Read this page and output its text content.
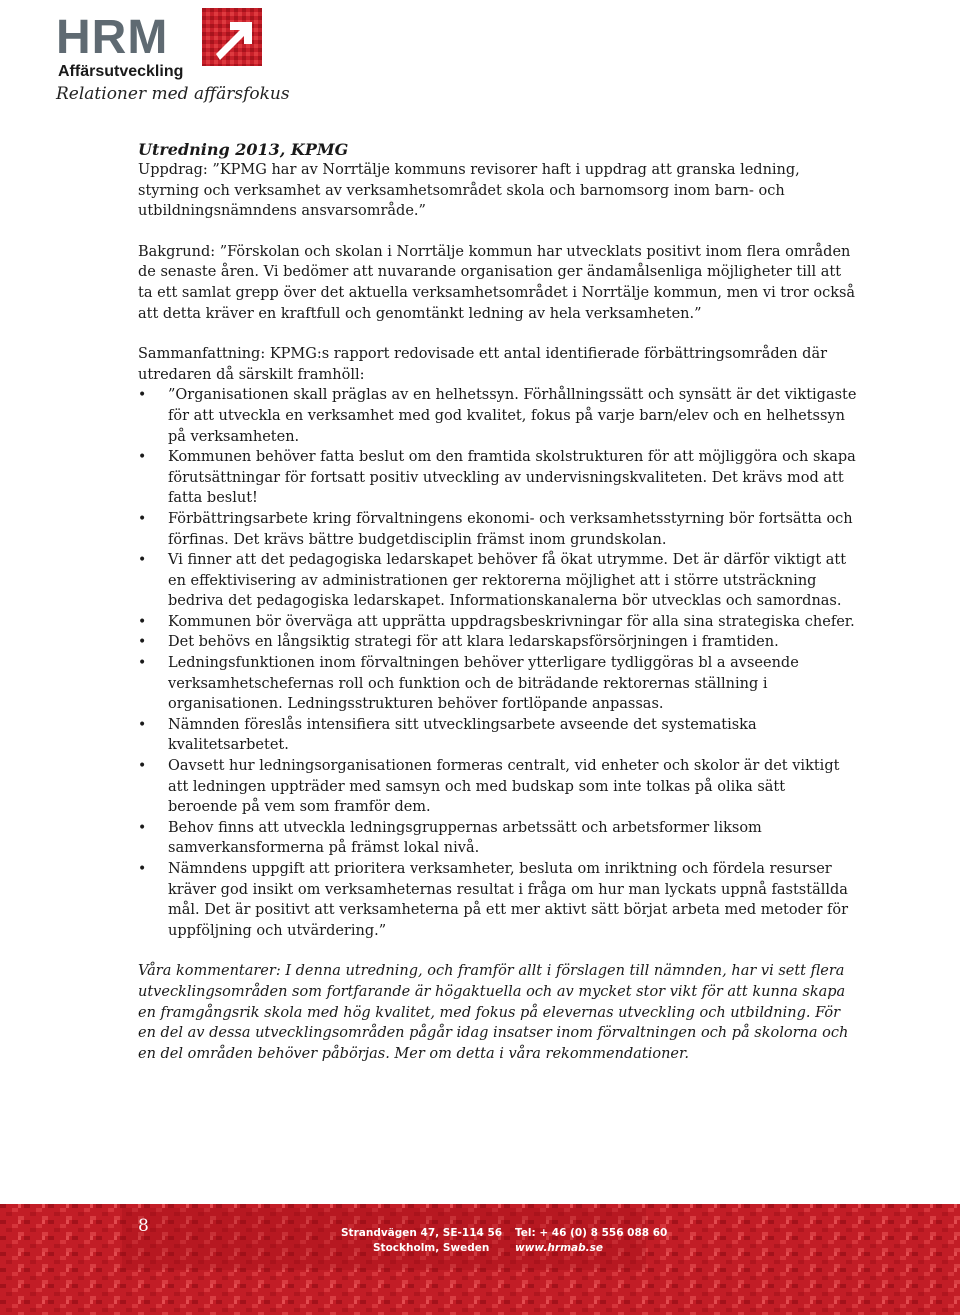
HRM
Affärsutveckling
Relationer med affärsfokus

Utredning 2013, KPMG

Uppdrag: ”KPMG har av Norrtälje kommuns revisorer haft i uppdrag att granska ledning, styrning och verksamhet av verksamhetsområdet skola och barnomsorg inom barn- och utbildningsnämndens ansvarsområde.”

Bakgrund: ”Förskolan och skolan i Norrtälje kommun har utvecklats positivt inom flera områden de senaste åren. Vi bedömer att nuvarande organisation ger ändamålsenliga möjligheter till att ta ett samlat grepp över det aktuella verksamhetsområdet i Norrtälje kommun, men vi tror också att detta kräver en kraftfull och genomtänkt ledning av hela verksamheten.”

Sammanfattning: KPMG:s rapport redovisade ett antal identifierade förbättringsområden där utredaren då särskilt framhöll:

• ”Organisationen skall präglas av en helhetssyn. Förhållningssätt och synsätt är det viktigaste för att utveckla en verksamhet med god kvalitet, fokus på varje barn/elev och en helhetssyn på verksamheten.
• Kommunen behöver fatta beslut om den framtida skolstrukturen för att möjliggöra och skapa förutsättningar för fortsatt positiv utveckling av undervisningskvaliteten. Det krävs mod att fatta beslut!
• Förbättringsarbete kring förvaltningens ekonomi- och verksamhetsstyrning bör fortsätta och förfinas. Det krävs bättre budgetdisciplin främst inom grundskolan.
• Vi finner att det pedagogiska ledarskapet behöver få ökat utrymme. Det är därför viktigt att en effektivisering av administrationen ger rektorerna möjlighet att i större utsträckning bedriva det pedagogiska ledarskapet. Informationskanalerna bör utvecklas och samordnas.
• Kommunen bör överväga att upprätta uppdragsbeskrivningar för alla sina strategiska chefer.
• Det behövs en långsiktig strategi för att klara ledarskapsförsörjningen i framtiden.
• Ledningsfunktionen inom förvaltningen behöver ytterligare tydliggöras bl a avseende verksamhetschefernas roll och funktion och de biträdande rektorernas ställning i organisationen. Ledningsstrukturen behöver fortlöpande anpassas.
• Nämnden föreslås intensifiera sitt utvecklingsarbete avseende det systematiska kvalitetsarbetet.
• Oavsett hur ledningsorganisationen formeras centralt, vid enheter och skolor är det viktigt att ledningen uppträder med samsyn och med budskap som inte tolkas på olika sätt beroende på vem som framför dem.
• Behov finns att utveckla ledningsgruppernas arbetssätt och arbetsformer liksom samverkansformerna på främst lokal nivå.
• Nämndens uppgift att prioritera verksamheter, besluta om inriktning och fördela resurser kräver god insikt om verksamheternas resultat i fråga om hur man lyckats uppnå fastställda mål. Det är positivt att verksamheterna på ett mer aktivt sätt börjat arbeta med metoder för uppföljning och utvärdering.”

Våra kommentarer: I denna utredning, och framför allt i förslagen till nämnden, har vi sett flera utvecklingsområden som fortfarande är högaktuella och av mycket stor vikt för att kunna skapa en framgångsrik skola med hög kvalitet, med fokus på elevernas utveckling och utbildning. För en del av dessa utvecklingsområden pågår idag insatser inom förvaltningen och på skolorna och en del områden behöver påbörjas. Mer om detta i våra rekommendationer.

8	Strandvägen 47, SE-114 56
Stockholm, Sweden
Tel: + 46 (0) 8 556 088 60
www.hrmab.se
